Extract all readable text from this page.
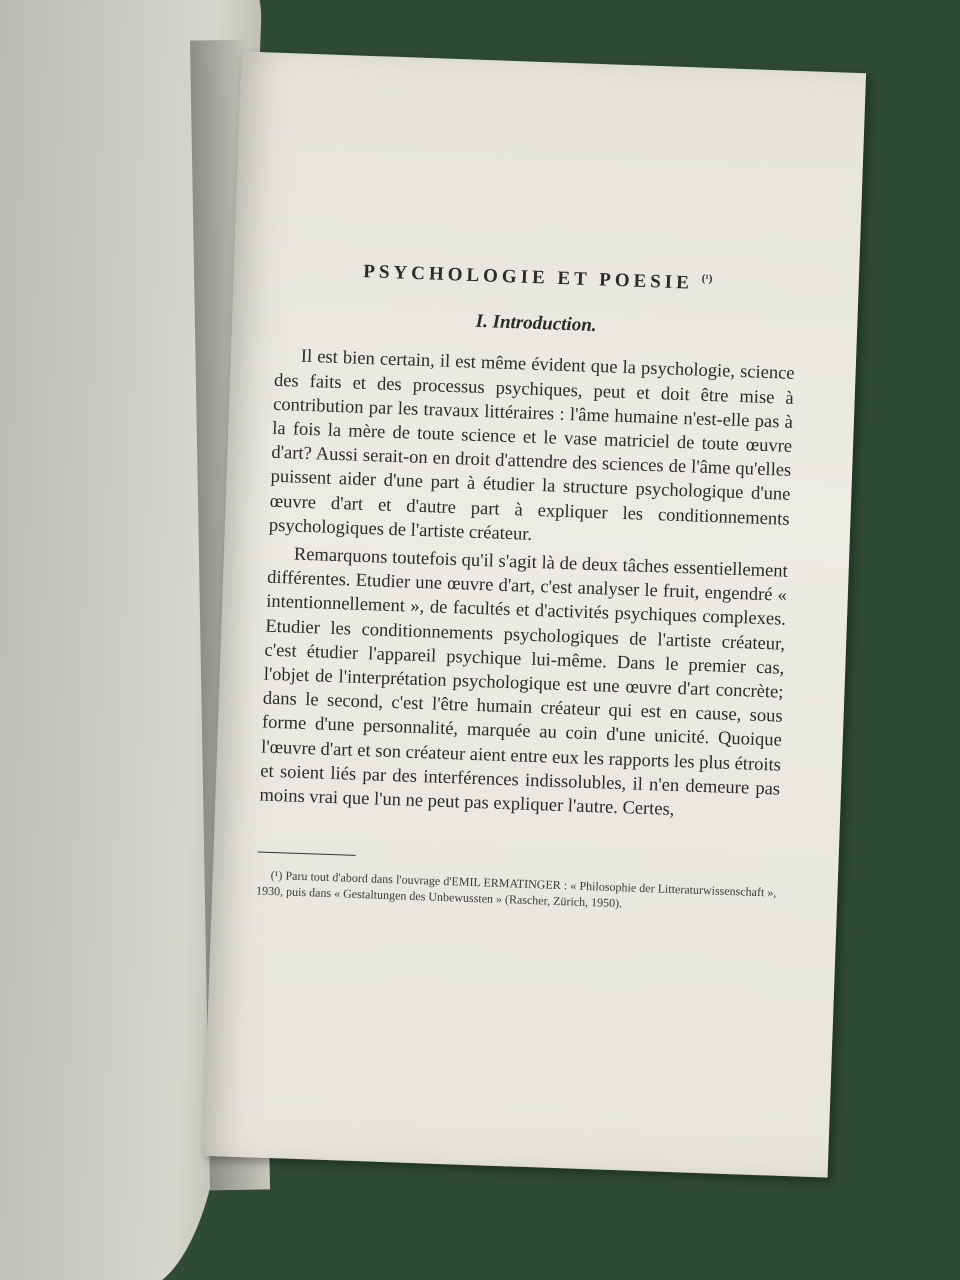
PSYCHOLOGIE ET POESIE $^{(^1)}$
I. Introduction.

Il est bien certain, il est même évident que la psychologie, science des faits et des processus psychiques, peut et doit être mise à contribution par les travaux littéraires : l'âme humaine n'est-elle pas à la fois la mère de toute science et le vase matriciel de toute œuvre d'art? Aussi serait-on en droit d'attendre des sciences de l'âme qu'elles puissent aider d'une part à étudier la structure psychologique d'une œuvre d'art et d'autre part à expliquer les conditionnements psychologiques de l'artiste créateur.

Remarquons toutefois qu'il s'agit là de deux tâches essentiellement différentes. Etudier une œuvre d'art, c'est analyser le fruit, engendré « intentionnellement », de facultés et d'activités psychiques complexes. Etudier les conditionnements psychologiques de l'artiste créateur, c'est étudier l'appareil psychique lui-même. Dans le premier cas, l'objet de l'interprétation psychologique est une œuvre d'art concrète; dans le second, c'est l'être humain créateur qui est en cause, sous forme d'une personnalité, marquée au coin d'une unicité. Quoique l'œuvre d'art et son créateur aient entre eux les rapports les plus étroits et soient liés par des interférences indissolubles, il n'en demeure pas moins vrai que l'un ne peut pas expliquer l'autre. Certes,

(¹) Paru tout d'abord dans l'ouvrage d'EMIL ERMATINGER : « Philosophie der Litteraturwissenschaft », 1930, puis dans « Gestaltungen des Unbewussten » (Rascher, Zürich, 1950).
